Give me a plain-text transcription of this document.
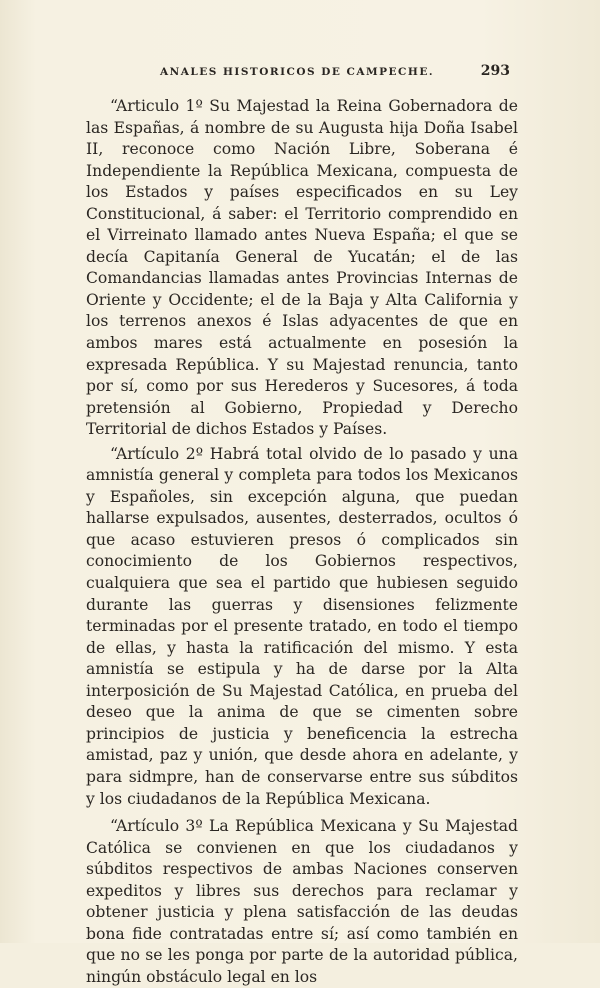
ANALES HISTORICOS DE CAMPECHE.	293

“Articulo 1º Su Majestad la Reina Gobernadora de las Españas, á nombre de su Augusta hija Doña Isabel II, reconoce como Nación Libre, Soberana é Independiente la República Mexicana, compuesta de los Estados y países especificados en su Ley Constitucional, á saber: el Territorio comprendido en el Virreinato llamado antes Nueva España; el que se decía Capitanía General de Yucatán; el de las Comandancias llamadas antes Provincias Internas de Oriente y Occidente; el de la Baja y Alta California y los terrenos anexos é Islas adyacentes de que en ambos mares está actualmente en posesión la expresada República. Y su Majestad renuncia, tanto por sí, como por sus Herederos y Sucesores, á toda pretensión al Gobierno, Propiedad y Derecho Territorial de dichos Estados y Países.

“Artículo 2º Habrá total olvido de lo pasado y una amnistía general y completa para todos los Mexicanos y Españoles, sin excepción alguna, que puedan hallarse expulsados, ausentes, desterrados, ocultos ó que acaso estuvieren presos ó complicados sin conocimiento de los Gobiernos respectivos, cualquiera que sea el partido que hubiesen seguido durante las guerras y disensiones felizmente terminadas por el presente tratado, en todo el tiempo de ellas, y hasta la ratificación del mismo. Y esta amnistía se estipula y ha de darse por la Alta interposición de Su Majestad Católica, en prueba del deseo que la anima de que se cimenten sobre principios de justicia y beneficencia la estrecha amistad, paz y unión, que desde ahora en adelante, y para sidmpre, han de conservarse entre sus súbditos y los ciudadanos de la República Mexicana.

“Artículo 3º La República Mexicana y Su Majestad Católica se convienen en que los ciudadanos y súbditos respectivos de ambas Naciones conserven expeditos y libres sus derechos para reclamar y obtener justicia y plena satisfacción de las deudas bona fide contratadas entre sí; así como también en que no se les ponga por parte de la autoridad pública, ningún obstáculo legal en los
